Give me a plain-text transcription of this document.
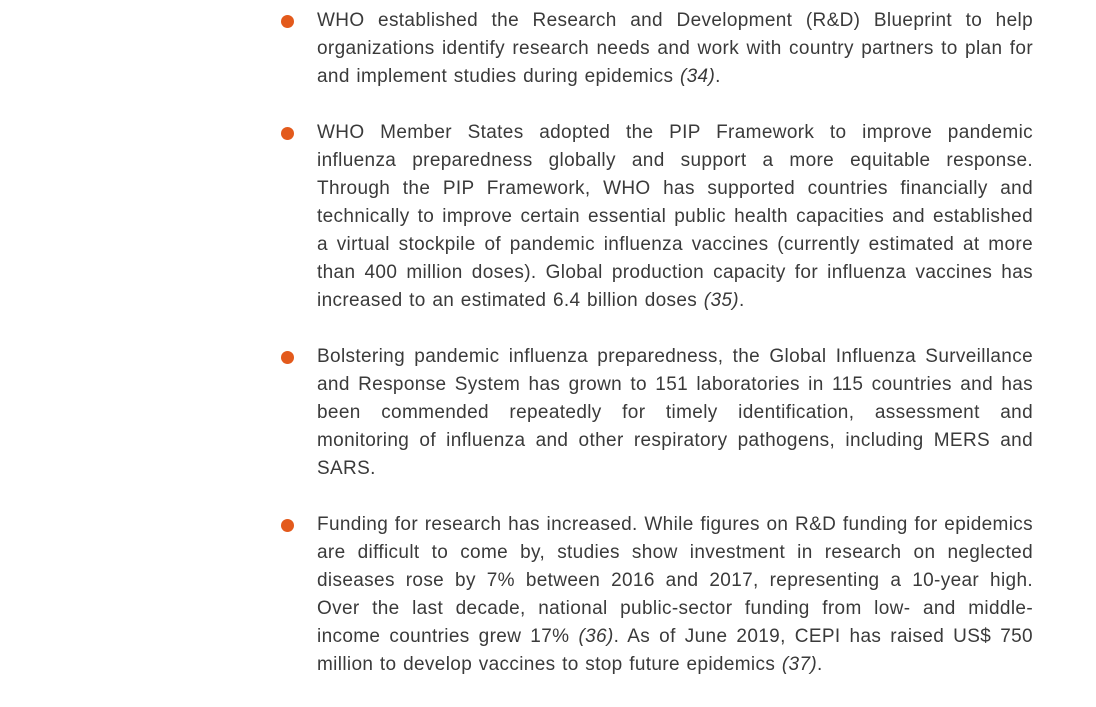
WHO established the Research and Development (R&D) Blueprint to help organizations identify research needs and work with country partners to plan for and implement studies during epidemics (34).

WHO Member States adopted the PIP Framework to improve pandemic influenza preparedness globally and support a more equitable response. Through the PIP Framework, WHO has supported countries financially and technically to improve certain essential public health capacities and established a virtual stockpile of pandemic influenza vaccines (currently estimated at more than 400 million doses). Global production capacity for influenza vaccines has increased to an estimated 6.4 billion doses (35).

Bolstering pandemic influenza preparedness, the Global Influenza Surveillance and Response System has grown to 151 laboratories in 115 countries and has been commended repeatedly for timely identification, assessment and monitoring of influenza and other respiratory pathogens, including MERS and SARS.

Funding for research has increased. While figures on R&D funding for epidemics are difficult to come by, studies show investment in research on neglected diseases rose by 7% between 2016 and 2017, representing a 10-year high. Over the last decade, national public-sector funding from low- and middle-income countries grew 17% (36). As of June 2019, CEPI has raised US$ 750 million to develop vaccines to stop future epidemics (37).
